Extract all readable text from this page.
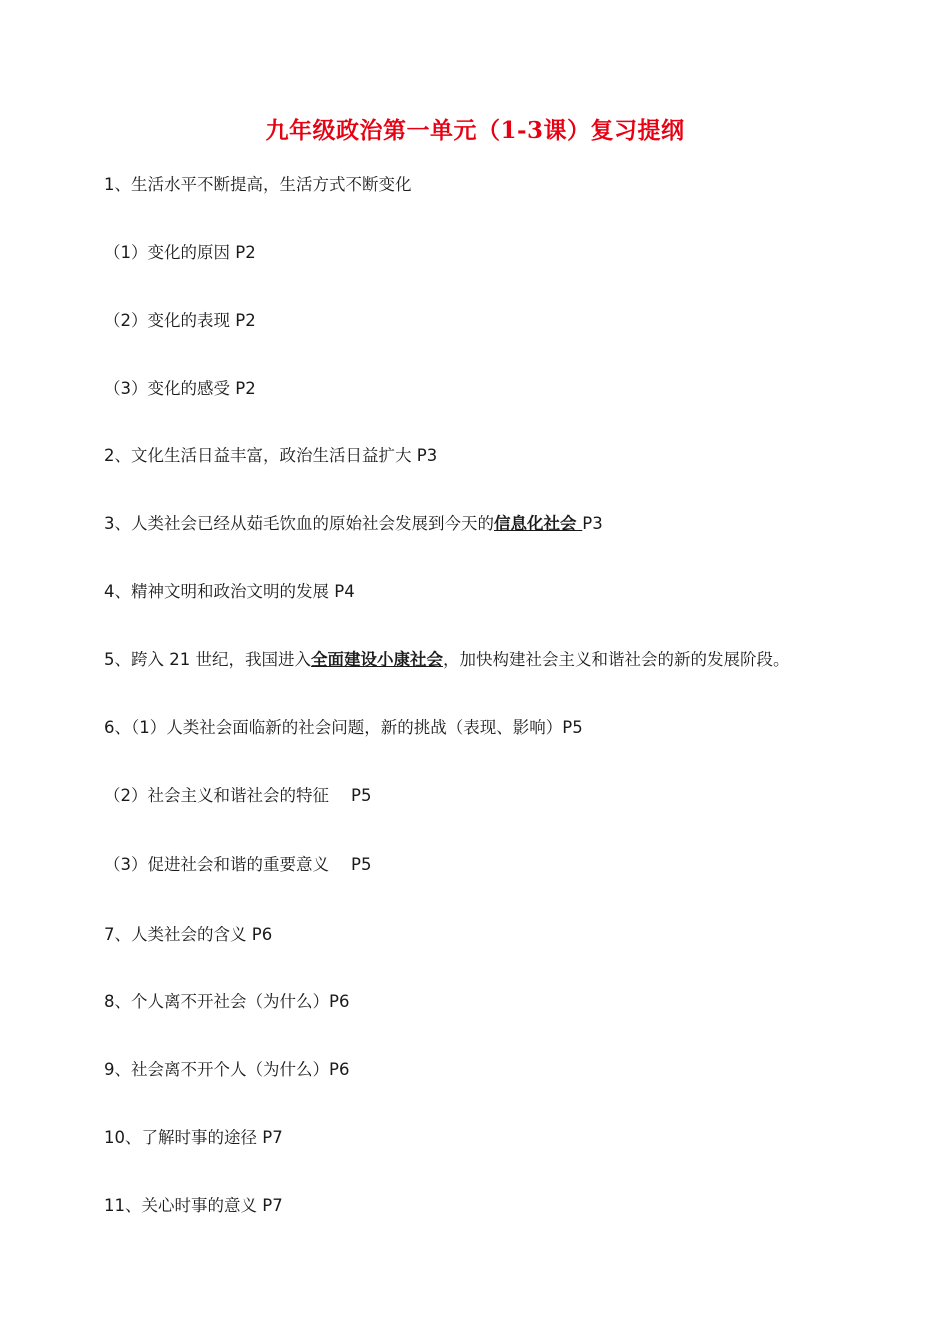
九年级政治第一单元（1-3课）复习提纲
1、生活水平不断提高，生活方式不断变化
（1）变化的原因 P2
（2）变化的表现 P2
（3）变化的感受 P2
2、文化生活日益丰富，政治生活日益扩大 P3
3、人类社会已经从茹毛饮血的原始社会发展到今天的信息化社会 P3
4、精神文明和政治文明的发展 P4
5、跨入 21 世纪，我国进入全面建设小康社会，加快构建社会主义和谐社会的新的发展阶段。
6、（1）人类社会面临新的社会问题，新的挑战（表现、影响）P5
（2）社会主义和谐社会的特征 P5
（3）促进社会和谐的重要意义 P5
7、人类社会的含义 P6
8、个人离不开社会（为什么）P6
9、社会离不开个人（为什么）P6
10、了解时事的途径 P7
11、关心时事的意义 P7
